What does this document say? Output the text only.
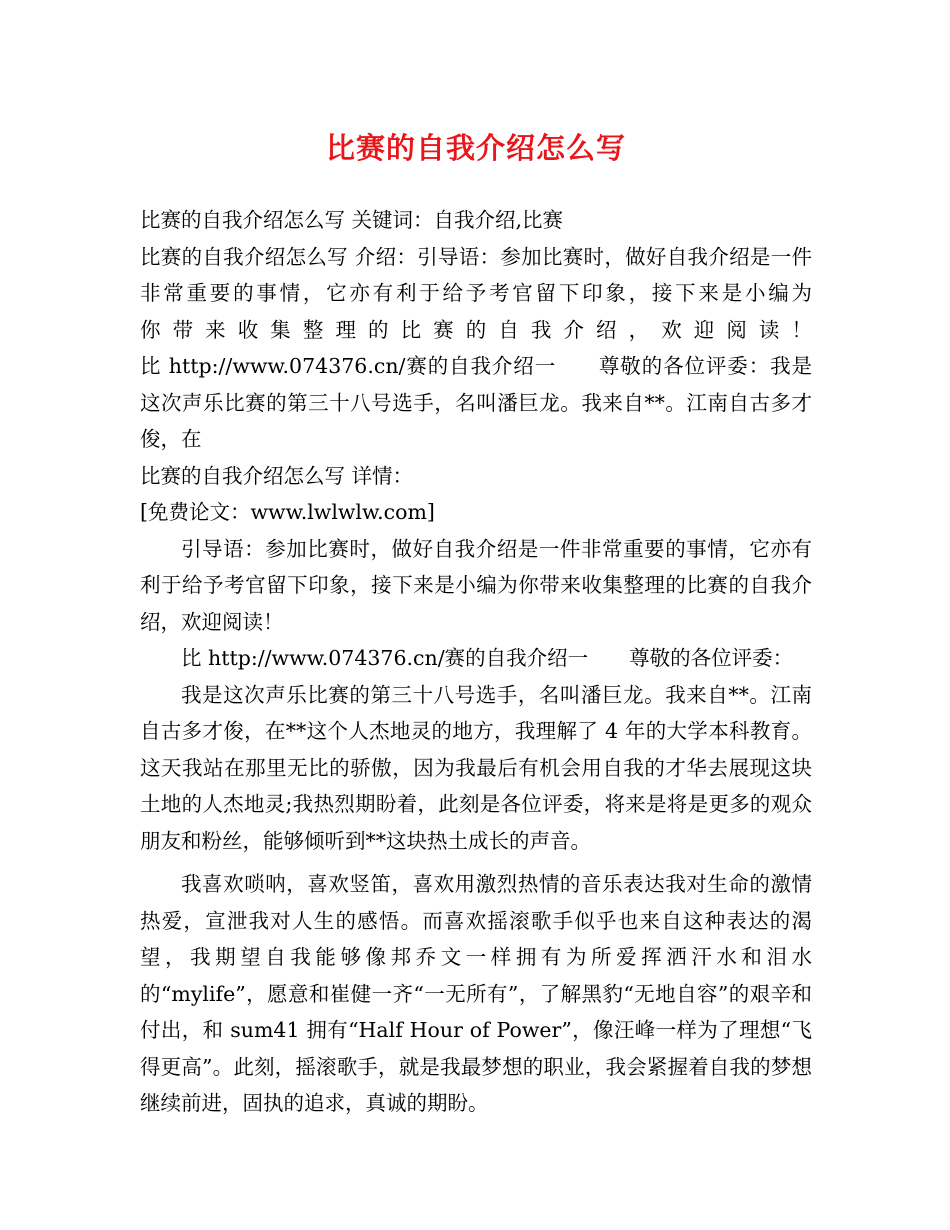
比赛的自我介绍怎么写

比赛的自我介绍怎么写 关键词：自我介绍,比赛

比赛的自我介绍怎么写 介绍：引导语：参加比赛时，做好自我介绍是一件非常重要的事情，它亦有利于给予考官留下印象，接下来是小编为

你带来收集整理的比赛的自我介绍，欢迎阅读！

比 http://www.074376.cn/赛的自我介绍一　　尊敬的各位评委：我是这次声乐比赛的第三十八号选手，名叫潘巨龙。我来自**。江南自古多才俊，在

比赛的自我介绍怎么写 详情：

[免费论文：www.lwlwlw.com]

引导语：参加比赛时，做好自我介绍是一件非常重要的事情，它亦有利于给予考官留下印象，接下来是小编为你带来收集整理的比赛的自我介绍，欢迎阅读！

比 http://www.074376.cn/赛的自我介绍一　　尊敬的各位评委：

我是这次声乐比赛的第三十八号选手，名叫潘巨龙。我来自**。江南自古多才俊，在**这个人杰地灵的地方，我理解了 4 年的大学本科教育。这天我站在那里无比的骄傲，因为我最后有机会用自我的才华去展现这块土地的人杰地灵;我热烈期盼着，此刻是各位评委，将来是将是更多的观众朋友和粉丝，能够倾听到**这块热土成长的声音。

我喜欢唢呐，喜欢竖笛，喜欢用激烈热情的音乐表达我对生命的激情热爱，宣泄我对人生的感悟。而喜欢摇滚歌手似乎也来自这种表达的渴望，我期望自我能够像邦乔文一样拥有为所爱挥洒汗水和泪水的“mylife”，愿意和崔健一齐“一无所有”，了解黑豹“无地自容”的艰辛和付出，和 sum41 拥有“Half Hour of Power”，像汪峰一样为了理想“飞得更高”。此刻，摇滚歌手，就是我最梦想的职业，我会紧握着自我的梦想继续前进，固执的追求，真诚的期盼。
